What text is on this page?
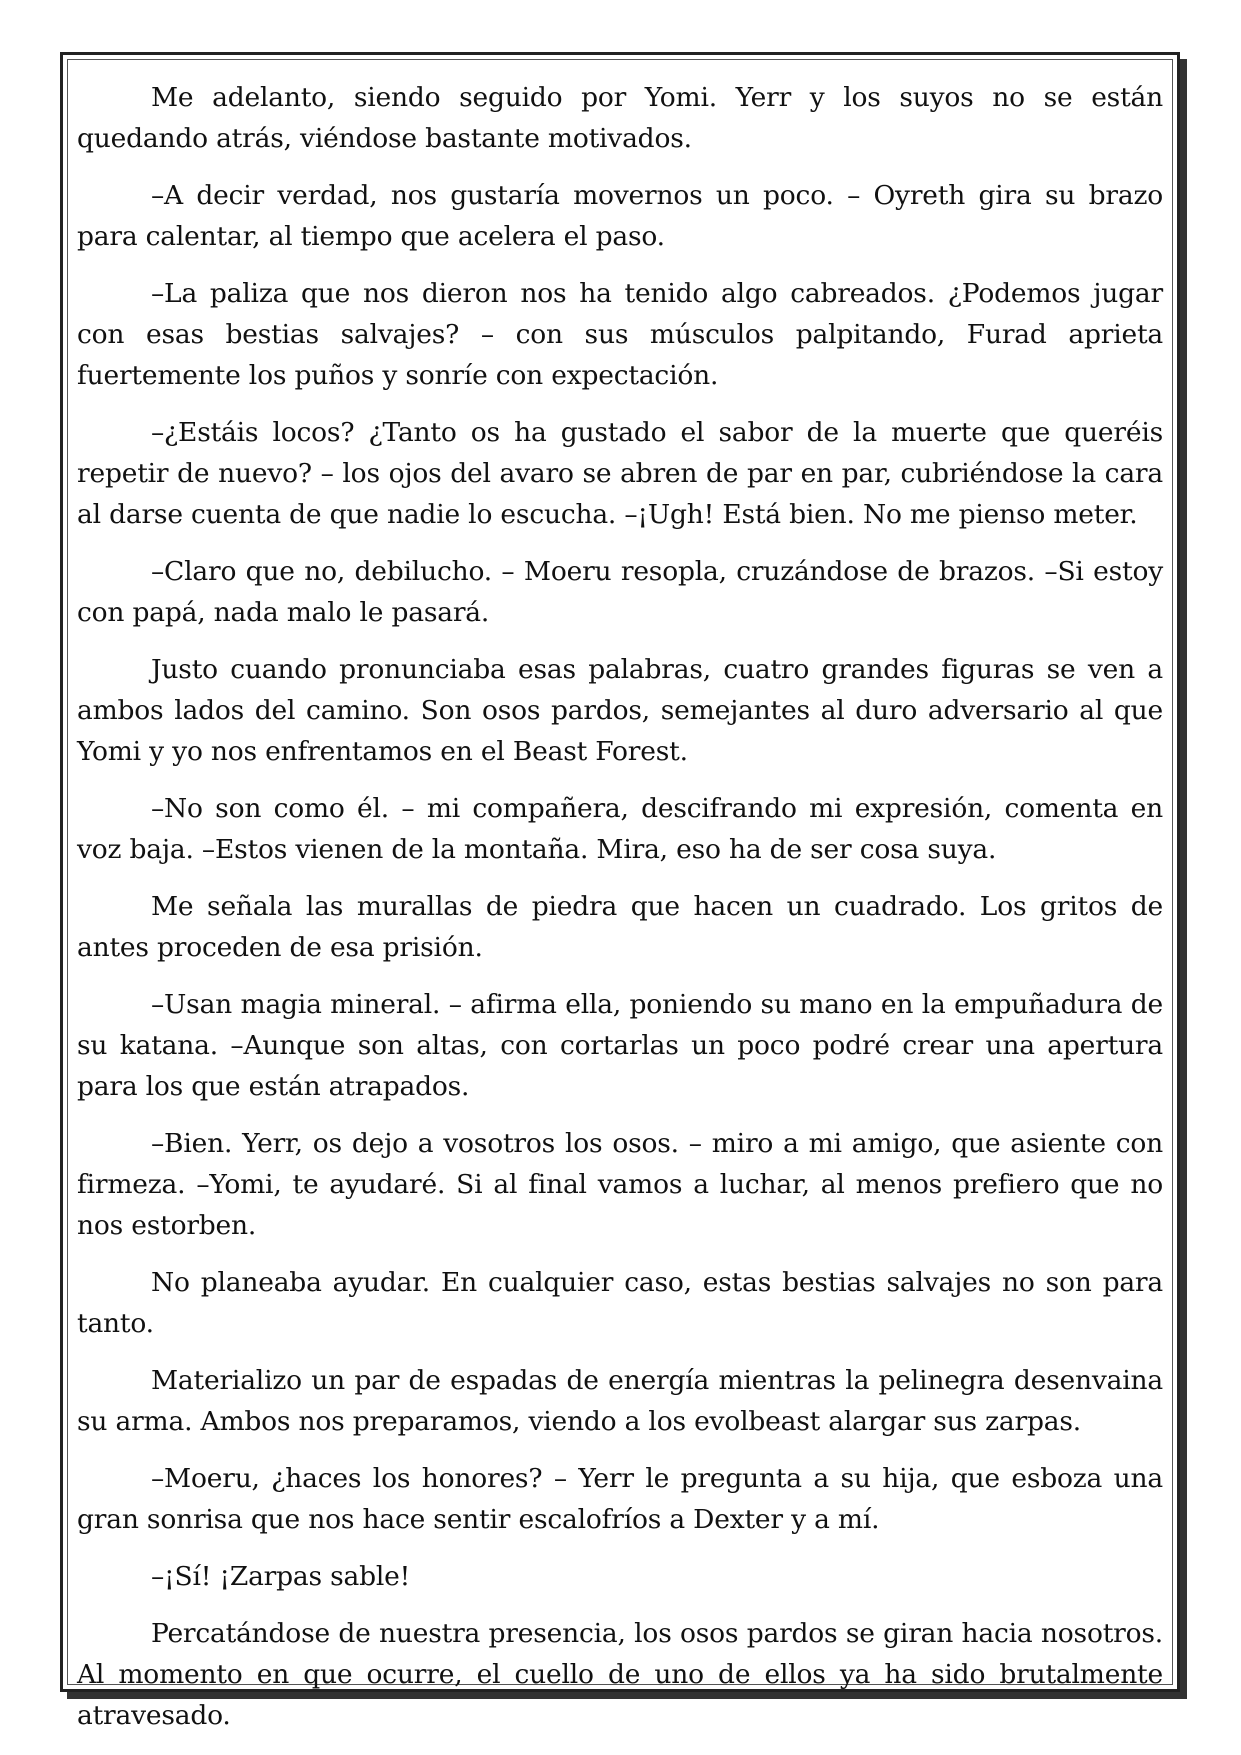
Me adelanto, siendo seguido por Yomi. Yerr y los suyos no se están quedando atrás, viéndose bastante motivados.

–A decir verdad, nos gustaría movernos un poco. – Oyreth gira su brazo para calentar, al tiempo que acelera el paso.

–La paliza que nos dieron nos ha tenido algo cabreados. ¿Podemos jugar con esas bestias salvajes? – con sus músculos palpitando, Furad aprieta fuertemente los puños y sonríe con expectación.

–¿Estáis locos? ¿Tanto os ha gustado el sabor de la muerte que queréis repetir de nuevo? – los ojos del avaro se abren de par en par, cubriéndose la cara al darse cuenta de que nadie lo escucha. –¡Ugh! Está bien. No me pienso meter.

–Claro que no, debilucho. – Moeru resopla, cruzándose de brazos. –Si estoy con papá, nada malo le pasará.

Justo cuando pronunciaba esas palabras, cuatro grandes figuras se ven a ambos lados del camino. Son osos pardos, semejantes al duro adversario al que Yomi y yo nos enfrentamos en el Beast Forest.

–No son como él. – mi compañera, descifrando mi expresión, comenta en voz baja. –Estos vienen de la montaña. Mira, eso ha de ser cosa suya.

Me señala las murallas de piedra que hacen un cuadrado. Los gritos de antes proceden de esa prisión.

–Usan magia mineral. – afirma ella, poniendo su mano en la empuñadura de su katana. –Aunque son altas, con cortarlas un poco podré crear una apertura para los que están atrapados.

–Bien. Yerr, os dejo a vosotros los osos. – miro a mi amigo, que asiente con firmeza. –Yomi, te ayudaré. Si al final vamos a luchar, al menos prefiero que no nos estorben.

No planeaba ayudar. En cualquier caso, estas bestias salvajes no son para tanto.

Materializo un par de espadas de energía mientras la pelinegra desenvaina su arma. Ambos nos preparamos, viendo a los evolbeast alargar sus zarpas.

–Moeru, ¿haces los honores? – Yerr le pregunta a su hija, que esboza una gran sonrisa que nos hace sentir escalofríos a Dexter y a mí.

–¡Sí! ¡Zarpas sable!

Percatándose de nuestra presencia, los osos pardos se giran hacia nosotros. Al momento en que ocurre, el cuello de uno de ellos ya ha sido brutalmente atravesado.
